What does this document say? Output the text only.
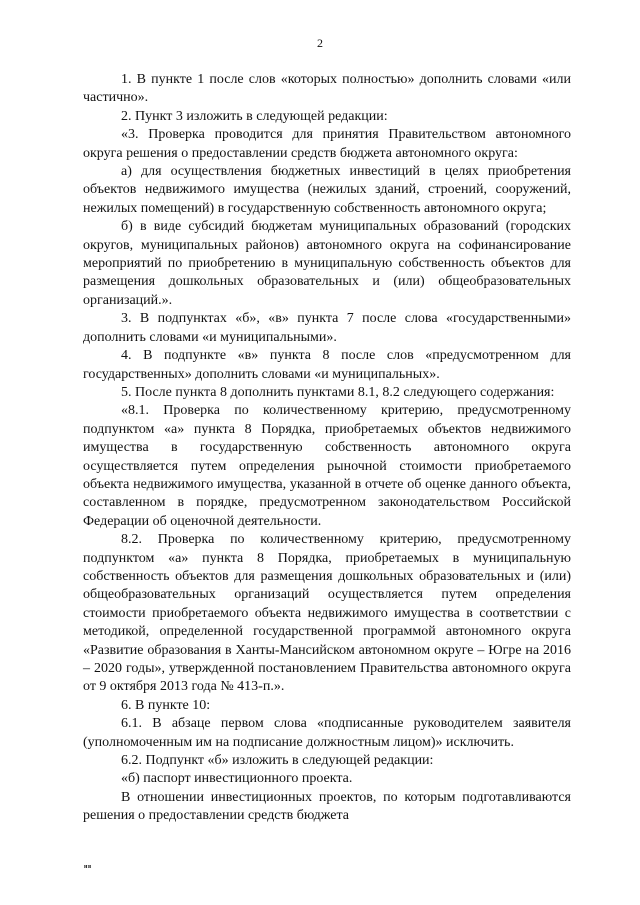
2

1. В пункте 1 после слов «которых полностью» дополнить словами «или частично».

2. Пункт 3 изложить в следующей редакции:

«3. Проверка проводится для принятия Правительством автономного округа решения о предоставлении средств бюджета автономного округа:

а) для осуществления бюджетных инвестиций в целях приобретения объектов недвижимого имущества (нежилых зданий, строений, сооружений, нежилых помещений) в государственную собственность автономного округа;

б) в виде субсидий бюджетам муниципальных образований (городских округов, муниципальных районов) автономного округа на софинансирование мероприятий по приобретению в муниципальную собственность объектов для размещения дошкольных образовательных и (или) общеобразовательных организаций.».

3. В подпунктах «б», «в» пункта 7 после слова «государственными» дополнить словами «и муниципальными».

4. В подпункте «в» пункта 8 после слов «предусмотренном для государственных» дополнить словами «и муниципальных».

5. После пункта 8 дополнить пунктами 8.1, 8.2 следующего содержания:

«8.1. Проверка по количественному критерию, предусмотренному подпунктом «а» пункта 8 Порядка, приобретаемых объектов недвижимого имущества в государственную собственность автономного округа осуществляется путем определения рыночной стоимости приобретаемого объекта недвижимого имущества, указанной в отчете об оценке данного объекта, составленном в порядке, предусмотренном законодательством Российской Федерации об оценочной деятельности.

8.2. Проверка по количественному критерию, предусмотренному подпунктом «а» пункта 8 Порядка, приобретаемых в муниципальную собственность объектов для размещения дошкольных образовательных и (или) общеобразовательных организаций осуществляется путем определения стоимости приобретаемого объекта недвижимого имущества в соответствии с методикой, определенной государственной программой автономного округа «Развитие образования в Ханты-Мансийском автономном округе – Югре на 2016 – 2020 годы», утвержденной постановлением Правительства автономного округа от 9 октября 2013 года № 413-п.».

6. В пункте 10:

6.1. В абзаце первом слова «подписанные руководителем заявителя (уполномоченным им на подписание должностным лицом)» исключить.

6.2. Подпункт «б» изложить в следующей редакции:

«б) паспорт инвестиционного проекта.

В отношении инвестиционных проектов, по которым подготавливаются решения о предоставлении средств бюджета

нв
